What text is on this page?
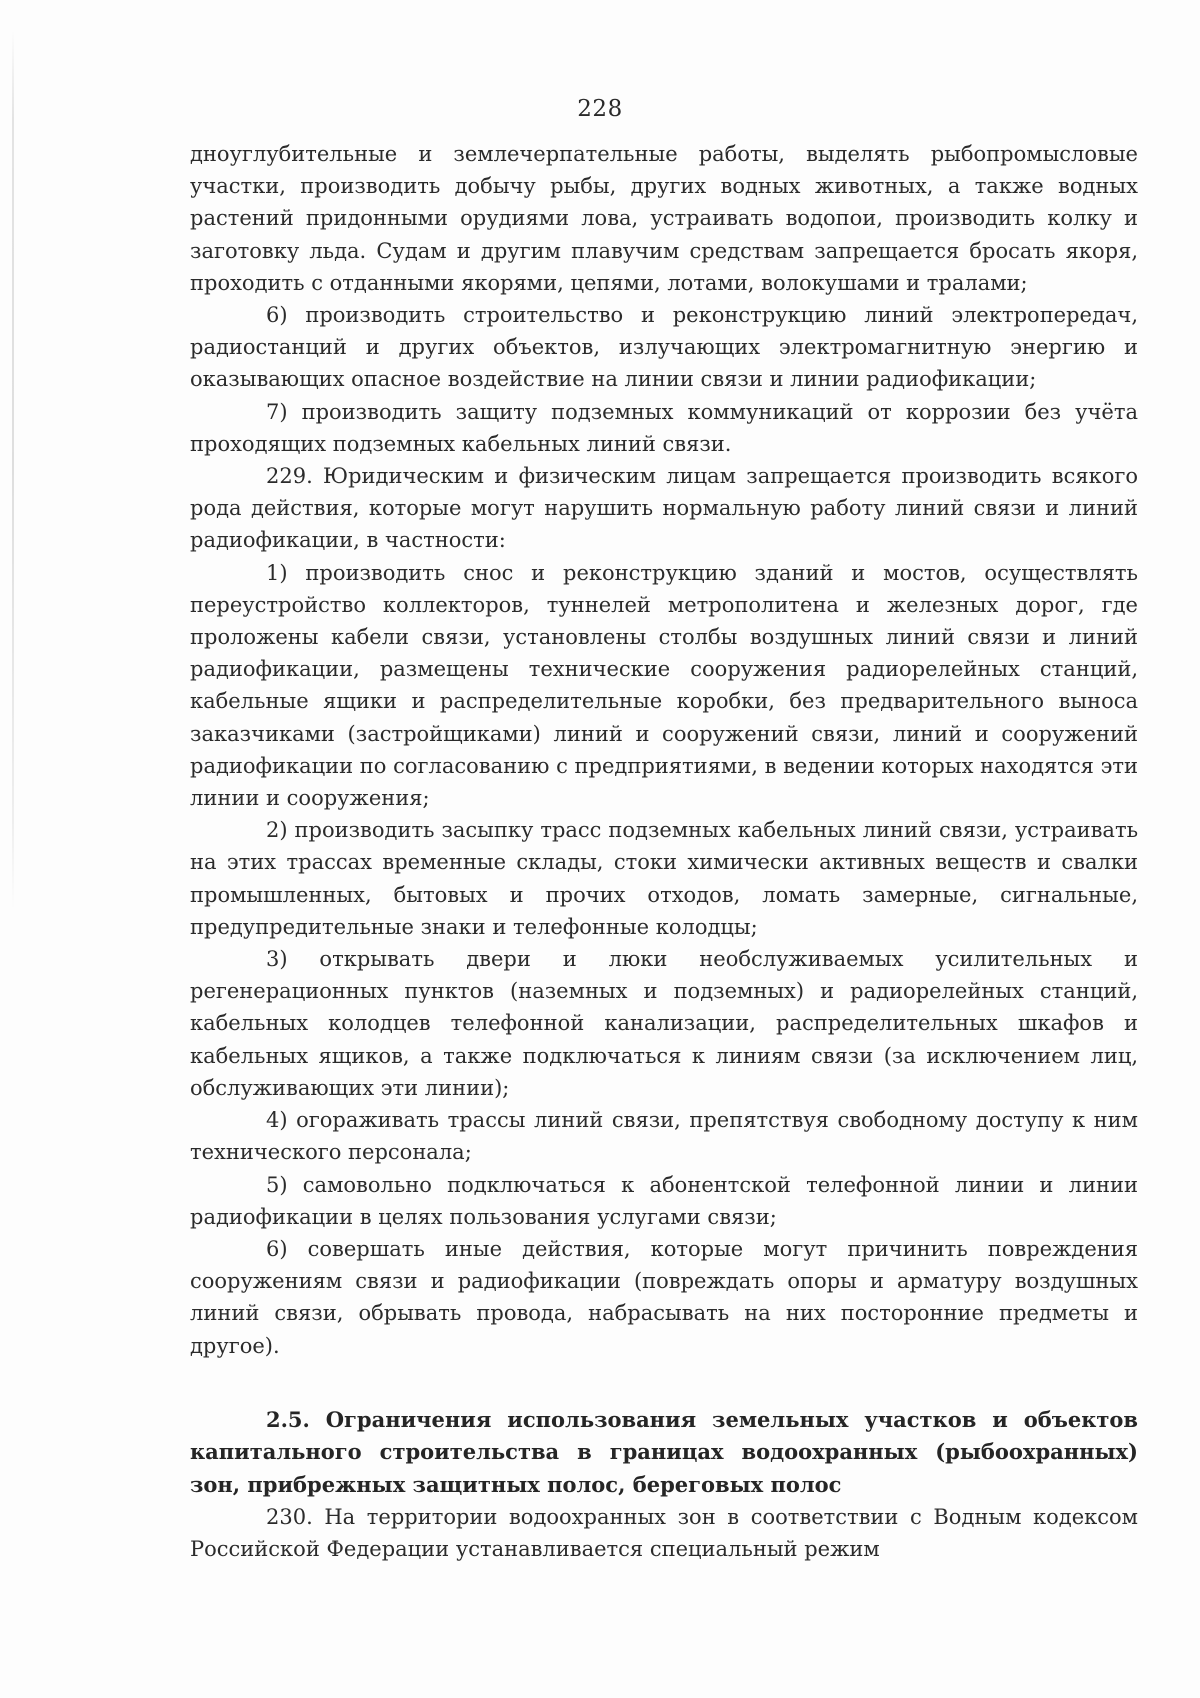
228

дноуглубительные и землечерпательные работы, выделять рыбопромысловые участки, производить добычу рыбы, других водных животных, а также водных растений придонными орудиями лова, устраивать водопои, производить колку и заготовку льда. Судам и другим плавучим средствам запрещается бросать якоря, проходить с отданными якорями, цепями, лотами, волокушами и тралами;

6) производить строительство и реконструкцию линий электропередач, радиостанций и других объектов, излучающих электромагнитную энергию и оказывающих опасное воздействие на линии связи и линии радиофикации;

7) производить защиту подземных коммуникаций от коррозии без учёта проходящих подземных кабельных линий связи.

229. Юридическим и физическим лицам запрещается производить всякого рода действия, которые могут нарушить нормальную работу линий связи и линий радиофикации, в частности:

1) производить снос и реконструкцию зданий и мостов, осуществлять переустройство коллекторов, туннелей метрополитена и железных дорог, где проложены кабели связи, установлены столбы воздушных линий связи и линий радиофикации, размещены технические сооружения радиорелейных станций, кабельные ящики и распределительные коробки, без предварительного выноса заказчиками (застройщиками) линий и сооружений связи, линий и сооружений радиофикации по согласованию с предприятиями, в ведении которых находятся эти линии и сооружения;

2) производить засыпку трасс подземных кабельных линий связи, устраивать на этих трассах временные склады, стоки химически активных веществ и свалки промышленных, бытовых и прочих отходов, ломать замерные, сигнальные, предупредительные знаки и телефонные колодцы;

3) открывать двери и люки необслуживаемых усилительных и регенерационных пунктов (наземных и подземных) и радиорелейных станций, кабельных колодцев телефонной канализации, распределительных шкафов и кабельных ящиков, а также подключаться к линиям связи (за исключением лиц, обслуживающих эти линии);

4) огораживать трассы линий связи, препятствуя свободному доступу к ним технического персонала;

5) самовольно подключаться к абонентской телефонной линии и линии радиофикации в целях пользования услугами связи;

6) совершать иные действия, которые могут причинить повреждения сооружениям связи и радиофикации (повреждать опоры и арматуру воздушных линий связи, обрывать провода, набрасывать на них посторонние предметы и другое).

2.5. Ограничения использования земельных участков и объектов капитального строительства в границах водоохранных (рыбоохранных) зон, прибрежных защитных полос, береговых полос

230. На территории водоохранных зон в соответствии с Водным кодексом Российской Федерации устанавливается специальный режим
